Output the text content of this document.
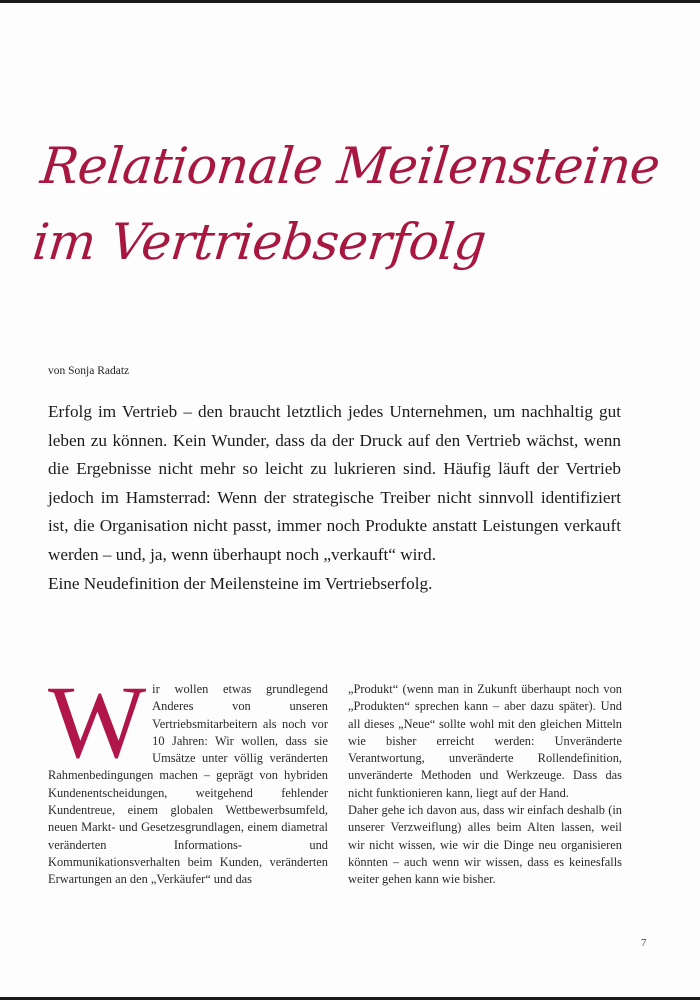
Relationale Meilensteine
im Vertriebserfolg
von Sonja Radatz

Erfolg im Vertrieb – den braucht letztlich jedes Unternehmen, um nachhaltig gut leben zu können. Kein Wunder, dass da der Druck auf den Vertrieb wächst, wenn die Ergebnisse nicht mehr so leicht zu lukrieren sind. Häufig läuft der Vertrieb jedoch im Hamsterrad: Wenn der strategische Treiber nicht sinnvoll identifiziert ist, die Organisation nicht passt, immer noch Produkte anstatt Leistungen verkauft werden – und, ja, wenn überhaupt noch „verkauft“ wird.

Eine Neudefinition der Meilensteine im Vertriebserfolg.

W ir wollen etwas grundlegend Anderes von unseren Vertriebsmitarbeitern als noch vor 10 Jahren: Wir wollen, dass sie Umsätze unter völlig veränderten Rahmenbedingungen machen – geprägt von hybriden Kundenentscheidungen, weitgehend fehlender Kundentreue, einem globalen Wettbewerbsumfeld, neuen Markt- und Gesetzesgrundlagen, einem diametral veränderten Informations- und Kommunikationsverhalten beim Kunden, veränderten Erwartungen an den „Verkäufer“ und das

„Produkt“ (wenn man in Zukunft überhaupt noch von „Produkten“ sprechen kann – aber dazu später). Und all dieses „Neue“ sollte wohl mit den gleichen Mitteln wie bisher erreicht werden: Unveränderte Verantwortung, unveränderte Rollendefinition, unveränderte Methoden und Werkzeuge. Dass das nicht funktionieren kann, liegt auf der Hand.

Daher gehe ich davon aus, dass wir einfach deshalb (in unserer Verzweiflung) alles beim Alten lassen, weil wir nicht wissen, wie wir die Dinge neu organisieren könnten – auch wenn wir wissen, dass es keinesfalls weiter gehen kann wie bisher.

7
